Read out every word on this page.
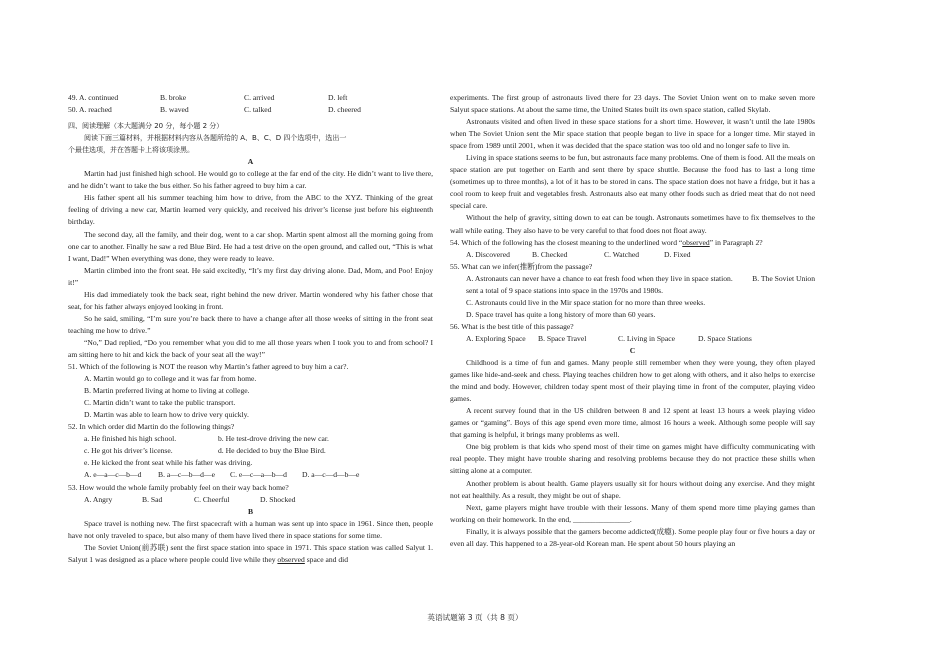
49. A. continued	B. broke	C. arrived	D. left
50. A. reached	B. waved	C. talked	D. cheered

四、阅读理解（本大题满分 20 分，每小题 2 分）

阅读下面三篇材料，并根据材料内容从各题所给的 A、B、C、D 四个选项中，选出一

个最佳选项，并在答题卡上将该项涂黑。

A

Martin had just finished high school. He would go to college at the far end of the city. He didn’t want to live there, and he didn’t want to take the bus either. So his father agreed to buy him a car.

His father spent all his summer teaching him how to drive, from the ABC to the XYZ. Thinking of the great feeling of driving a new car, Martin learned very quickly, and received his driver’s license just before his eighteenth birthday.

The second day, all the family, and their dog, went to a car shop. Martin spent almost all the morning going from one car to another. Finally he saw a red Blue Bird. He had a test drive on the open ground, and called out, “This is what I want, Dad!” When everything was done, they were ready to leave.

Martin climbed into the front seat. He said excitedly, “It’s my first day driving alone. Dad, Mom, and Poo! Enjoy it!”

His dad immediately took the back seat, right behind the new driver. Martin wondered why his father chose that seat, for his father always enjoyed looking in front.

So he said, smiling, “I’m sure you’re back there to have a change after all those weeks of sitting in the front seat teaching me how to drive.”

“No,” Dad replied, “Do you remember what you did to me all those years when I took you to and from school? I am sitting here to hit and kick the back of your seat all the way!”

51. Which of the following is NOT the reason why Martin’s father agreed to buy him a car?.

A. Martin would go to college and it was far from home.

B. Martin preferred living at home to living at college.

C. Martin didn’t want to take the public transport.

D. Martin was able to learn how to drive very quickly.

52. In which order did Martin do the following things?

a. He finished his high school.	b. He test-drove driving the new car.
c. He got his driver’s license.	d. He decided to buy the Blue Bird.

e. He kicked the front seat while his father was driving.

A. e—a—c—b—d	B. a—c—b—d—e	C. e—c—a—b—d	D. a—c—d—b—e

53. How would the whole family probably feel on their way back home?

A. Angry	B. Sad	C. Cheerful	D. Shocked

B

Space travel is nothing new. The first spacecraft with a human was sent up into space in 1961. Since then, people have not only traveled to space, but also many of them have lived there in space stations for some time.

The Soviet Union(前苏联) sent the first space station into space in 1971. This space station was called Salyut 1. Salyut 1 was designed as a place where people could live while they observed space and did

experiments. The first group of astronauts lived there for 23 days. The Soviet Union went on to make seven more Salyut space stations. At about the same time, the United States built its own space station, called Skylab.

Astronauts visited and often lived in these space stations for a short time. However, it wasn’t until the late 1980s when The Soviet Union sent the Mir space station that people began to live in space for a longer time. Mir stayed in space from 1989 until 2001, when it was decided that the space station was too old and no longer safe to live in.

Living in space stations seems to be fun, but astronauts face many problems. One of them is food. All the meals on space station are put together on Earth and sent there by space shuttle. Because the food has to last a long time (sometimes up to three months), a lot of it has to be stored in cans. The space station does not have a fridge, but it has a cool room to keep fruit and vegetables fresh. Astronauts also eat many other foods such as dried meat that do not need special care.

Without the help of gravity, sitting down to eat can be tough. Astronauts sometimes have to fix themselves to the wall while eating. They also have to be very careful to that food does not float away.

54. Which of the following has the closest meaning to the underlined word “observed” in Paragraph 2?

A. Discovered	B. Checked	C. Watched	D. Fixed

55. What can we infer(推断)from the passage?

A. Astronauts can never have a chance to eat fresh food when they live in space station.	B. The Soviet Union sent a total of 9 space stations into space in the 1970s and 1980s.

C. Astronauts could live in the Mir space station for no more than three weeks.

D. Space travel has quite a long history of more than 60 years.

56. What is the best title of this passage?

A. Exploring Space	B. Space Travel	C. Living in Space	D. Space Stations

C

Childhood is a time of fun and games. Many people still remember when they were young, they often played games like hide-and-seek and chess. Playing teaches children how to get along with others, and it also helps to exercise the mind and body. However, children today spent most of their playing time in front of the computer, playing video games.

A recent survey found that in the US children between 8 and 12 spent at least 13 hours a week playing video games or “gaming”. Boys of this age spend even more time, almost 16 hours a week. Although some people will say that gaming is helpful, it brings many problems as well.

One big problem is that kids who spend most of their time on games might have difficulty communicating with real people. They might have trouble sharing and resolving problems because they do not practice these shills when sitting alone at a computer.

Another problem is about health. Game players usually sit for hours without doing any exercise. And they might not eat healthily. As a result, they might be out of shape.

Next, game players might have trouble with their lessons. Many of them spend more time playing games than working on their homework. In the end, _______________.

Finally, it is always possible that the gamers become addicted(成瘾). Some people play four or five hours a day or even all day. This happened to a 28-year-old Korean man. He spent about 50 hours playing an

英语试题第 3 页（共 8 页）
